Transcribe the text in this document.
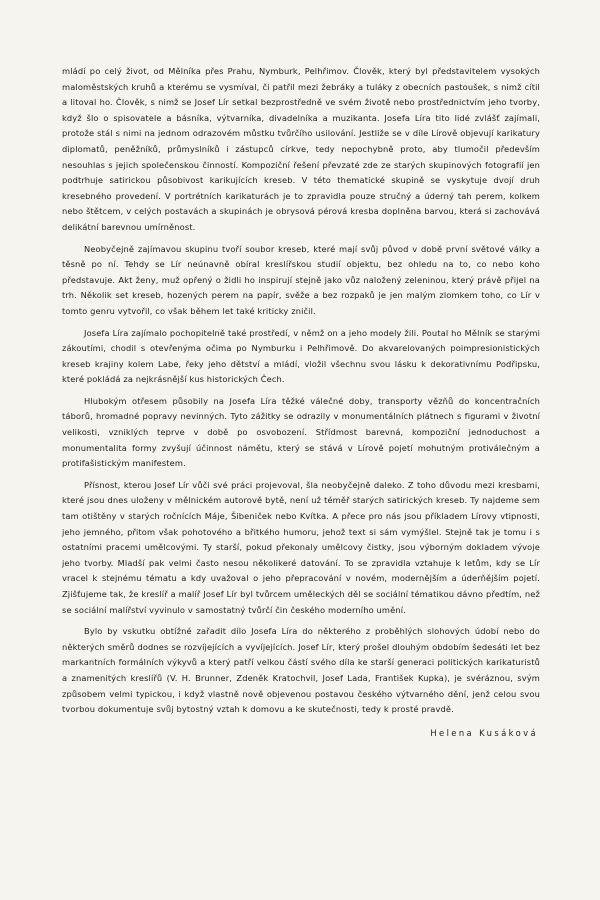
mládí po celý život, od Mělníka přes Prahu, Nymburk, Pelhřimov. Člověk, který byl představitelem vysokých maloměstských kruhů a kterému se vysmíval, či patřil mezi žebráky a tuláky z obecních pastoušek, s nimž cítil a litoval ho. Člověk, s nimž se Josef Lír setkal bezprostředně ve svém životě nebo prostřednictvím jeho tvorby, když šlo o spisovatele a básníka, výtvarníka, divadelníka a muzikanta. Josefa Líra tito lidé zvlášť zajímali, protože stál s nimi na jednom odrazovém můstku tvůrčího usilování. Jestliže se v díle Lírově objevují karikatury diplomatů, peněžníků, průmyslníků i zástupců církve, tedy nepochybně proto, aby tlumočil především nesouhlas s jejich společenskou činností. Kompoziční řešení převzaté zde ze starých skupinových fotografií jen podtrhuje satirickou působivost karikujících kreseb. V této thematické skupině se vyskytuje dvojí druh kresebného provedení. V portrétních karikaturách je to zpravidla pouze stručný a úderný tah perem, kolkem nebo štětcem, v celých postavách a skupinách je obrysová pérová kresba doplněna barvou, která si zachovává delikátní barevnou umírněnost.

Neobyčejně zajímavou skupinu tvoří soubor kreseb, které mají svůj původ v době první světové války a těsně po ní. Tehdy se Lír neúnavně obíral kreslířskou studií objektu, bez ohledu na to, co nebo koho představuje. Akt ženy, muž opřený o židli ho inspirují stejně jako vůz naložený zeleninou, který právě přijel na trh. Několik set kreseb, hozených perem na papír, svěže a bez rozpaků je jen malým zlomkem toho, co Lír v tomto genru vytvořil, co však během let také kriticky zničil.

Josefa Líra zajímalo pochopitelně také prostředí, v němž on a jeho modely žili. Poutal ho Mělník se starými zákoutími, chodil s otevřenýma očima po Nymburku i Pelhřimově. Do akvarelovaných poimpresionistických kreseb krajiny kolem Labe, řeky jeho dětství a mládí, vložil všechnu svou lásku k dekorativnímu Podřipsku, které pokládá za nejkrásnější kus historických Čech.

Hlubokým otřesem působily na Josefa Líra těžké válečné doby, transporty vězňů do koncentračních táborů, hromadné popravy nevinných. Tyto zážitky se odrazily v monumentálních plátnech s figurami v životní velikosti, vzniklých teprve v době po osvobození. Střídmost barevná, kompoziční jednoduchost a monumentalita formy zvyšují účinnost námětu, který se stává v Lírově pojetí mohutným protiválečným a protifašistickým manifestem.

Přísnost, kterou Josef Lír vůči své práci projevoval, šla neobyčejně daleko. Z toho důvodu mezi kresbami, které jsou dnes uloženy v mělnickém autorově bytě, není už téměř starých satirických kreseb. Ty najdeme sem tam otištěny v starých ročnících Máje, Šibeniček nebo Kvítka. A přece pro nás jsou příkladem Lírovy vtipnosti, jeho jemného, přitom však pohotového a břitkého humoru, jehož text si sám vymýšlel. Stejně tak je tomu i s ostatními pracemi umělcovými. Ty starší, pokud překonaly umělcovy čistky, jsou výborným dokladem vývoje jeho tvorby. Mladší pak velmi často nesou několikeré datování. To se zpravidla vztahuje k letům, kdy se Lír vracel k stejnému tématu a kdy uvažoval o jeho přepracování v novém, modernějším a úderňějším pojetí. Zjišťujeme tak, že kreslíř a malíř Josef Lír byl tvůrcem uměleckých děl se sociální tématikou dávno předtím, než se sociální malířství vyvinulo v samostatný tvůrčí čin českého moderního umění.

Bylo by vskutku obtížné zařadit dílo Josefa Líra do některého z proběhlých slohových údobí nebo do některých směrů dodnes se rozvíjejících a vyvíjejících. Josef Lír, který prošel dlouhým obdobím šedesáti let bez markantních formálních výkyvů a který patří velkou částí svého díla ke starší generaci politických karikaturistů a znamenitých kreslířů (V. H. Brunner, Zdeněk Kratochvil, Josef Lada, František Kupka), je svéráznou, svým způsobem velmi typickou, i když vlastně nově objevenou postavou českého výtvarného dění, jenž celou svou tvorbou dokumentuje svůj bytostný vztah k domovu a ke skutečnosti, tedy k prosté pravdě.

Helena Kusáková
